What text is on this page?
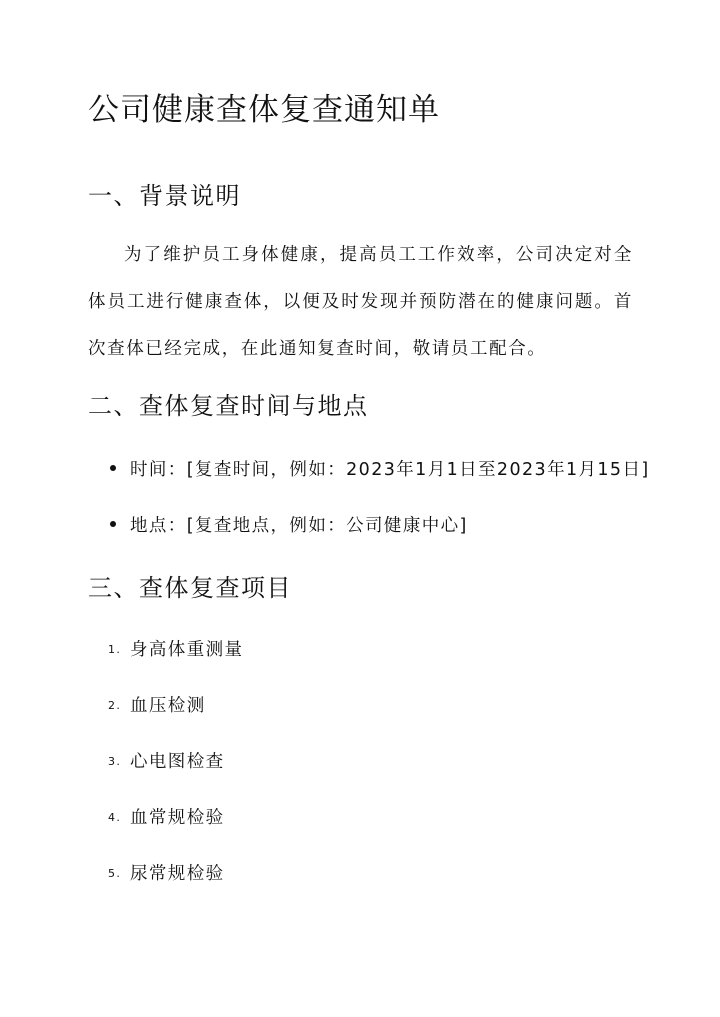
公司健康查体复查通知单
一、背景说明

为了维护员工身体健康，提高员工工作效率，公司决定对全体员工进行健康查体，以便及时发现并预防潜在的健康问题。首次查体已经完成，在此通知复查时间，敬请员工配合。

二、查体复查时间与地点
时间：[复查时间，例如：2023年1月1日至2023年1月15日]
地点：[复查地点，例如：公司健康中心]
三、查体复查项目
1. 身高体重测量
2. 血压检测
3. 心电图检查
4. 血常规检验
5. 尿常规检验
